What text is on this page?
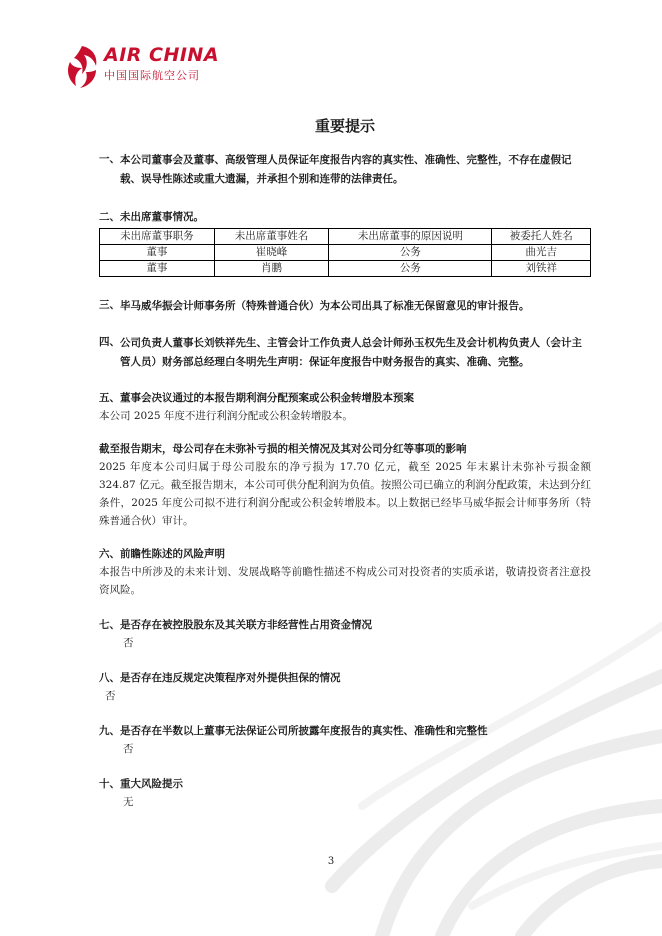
AIR CHINA
中国国际航空公司
重要提示
一、 本公司董事会及董事、高级管理人员保证年度报告内容的真实性、准确性、完整性，不存在虚假记载、误导性陈述或重大遗漏，并承担个别和连带的法律责任。
二、未出席董事情况。
未出席董事职务	未出席董事姓名	未出席董事的原因说明	被委托人姓名
董事	崔晓峰	公务	曲光吉
董事	肖鹏	公务	刘铁祥
三、 毕马威华振会计师事务所（特殊普通合伙）为本公司出具了标准无保留意见的审计报告。
四、 公司负责人董事长刘铁祥先生、主管会计工作负责人总会计师孙玉权先生及会计机构负责人（会计主管人员）财务部总经理白冬明先生声明：保证年度报告中财务报告的真实、准确、完整。
五、董事会决议通过的本报告期利润分配预案或公积金转增股本预案
本公司 2025 年度不进行利润分配或公积金转增股本。
截至报告期末，母公司存在未弥补亏损的相关情况及其对公司分红等事项的影响
2025 年度本公司归属于母公司股东的净亏损为 17.70 亿元，截至 2025 年末累计未弥补亏损金额 324.87 亿元。截至报告期末，本公司可供分配利润为负值。按照公司已确立的利润分配政策，未达到分红条件，2025 年度公司拟不进行利润分配或公积金转增股本。以上数据已经毕马威华振会计师事务所（特殊普通合伙）审计。
六、前瞻性陈述的风险声明
本报告中所涉及的未来计划、发展战略等前瞻性描述不构成公司对投资者的实质承诺，敬请投资者注意投资风险。
七、是否存在被控股股东及其关联方非经营性占用资金情况
否
八、是否存在违反规定决策程序对外提供担保的情况
否
九、是否存在半数以上董事无法保证公司所披露年度报告的真实性、准确性和完整性
否
十、重大风险提示
无
3
